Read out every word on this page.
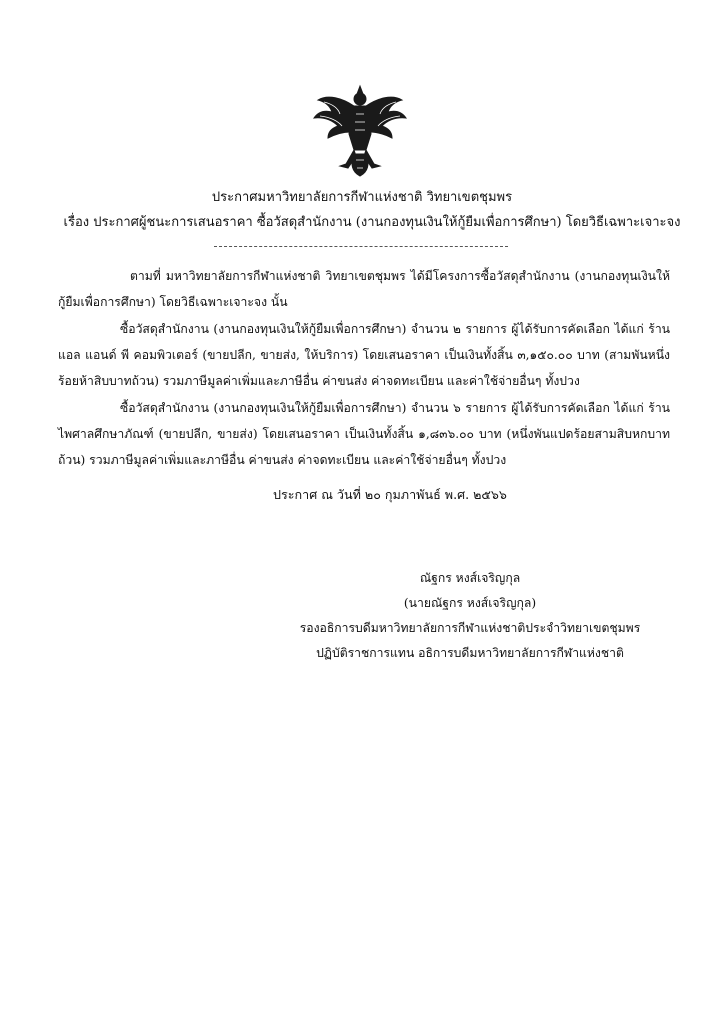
ประกาศมหาวิทยาลัยการกีฬาแห่งชาติ วิทยาเขตชุมพร
เรื่อง ประกาศผู้ชนะการเสนอราคา ซื้อวัสดุสำนักงาน (งานกองทุนเงินให้กู้ยืมเพื่อการศึกษา) โดยวิธีเฉพาะเจาะจง
ตามที่ มหาวิทยาลัยการกีฬาแห่งชาติ วิทยาเขตชุมพร ได้มีโครงการซื้อวัสดุสำนักงาน (งานกองทุนเงินให้กู้ยืมเพื่อการศึกษา) โดยวิธีเฉพาะเจาะจง นั้น
ซื้อวัสดุสำนักงาน (งานกองทุนเงินให้กู้ยืมเพื่อการศึกษา) จำนวน ๒ รายการ ผู้ได้รับการคัดเลือก ได้แก่ ร้านแอล แอนด์ พี คอมพิวเตอร์ (ขายปลีก, ขายส่ง, ให้บริการ) โดยเสนอราคา เป็นเงินทั้งสิ้น ๓,๑๕๐.๐๐ บาท (สามพันหนึ่งร้อยห้าสิบบาทถ้วน) รวมภาษีมูลค่าเพิ่มและภาษีอื่น ค่าขนส่ง ค่าจดทะเบียน และค่าใช้จ่ายอื่นๆ ทั้งปวง
ซื้อวัสดุสำนักงาน (งานกองทุนเงินให้กู้ยืมเพื่อการศึกษา) จำนวน ๖ รายการ ผู้ได้รับการคัดเลือก ได้แก่ ร้านไพศาลศึกษาภัณฑ์ (ขายปลีก, ขายส่ง) โดยเสนอราคา เป็นเงินทั้งสิ้น ๑,๘๓๖.๐๐ บาท (หนึ่งพันแปดร้อยสามสิบหกบาทถ้วน) รวมภาษีมูลค่าเพิ่มและภาษีอื่น ค่าขนส่ง ค่าจดทะเบียน และค่าใช้จ่ายอื่นๆ ทั้งปวง
ประกาศ ณ วันที่ ๒๐ กุมภาพันธ์ พ.ศ. ๒๕๖๖
ณัฐกร หงส์เจริญกุล
(นายณัฐกร หงส์เจริญกุล)
รองอธิการบดีมหาวิทยาลัยการกีฬาแห่งชาติประจำวิทยาเขตชุมพร
ปฏิบัติราชการแทน อธิการบดีมหาวิทยาลัยการกีฬาแห่งชาติ
